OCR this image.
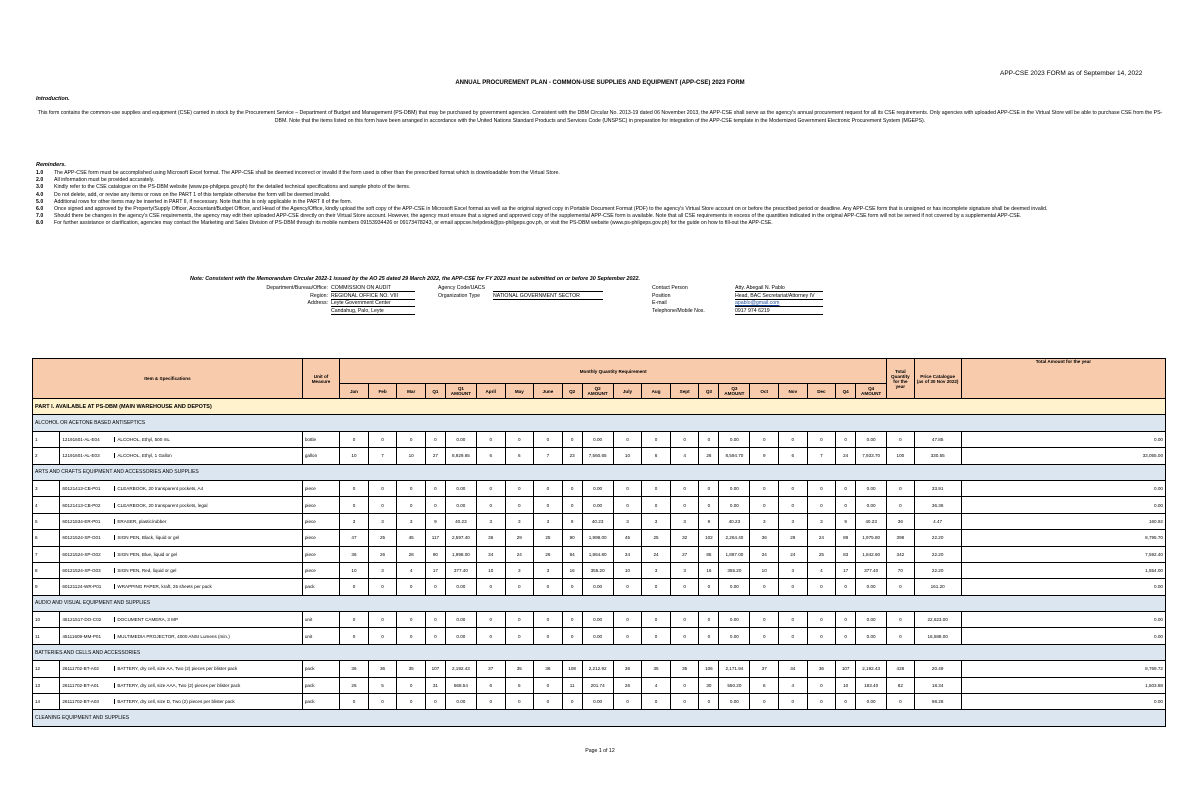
APP-CSE 2023 FORM as of September 14, 2022
ANNUAL PROCUREMENT PLAN - COMMON-USE SUPPLIES AND EQUIPMENT (APP-CSE) 2023 FORM
Introduction.
This form contains the common-use supplies and equipment (CSE) carried in stock by the Procurement Service – Department of Budget and Management (PS-DBM) that may be purchased by government agencies. Consistent with the DBM Circular No. 2013-19 dated 06 November 2013, the APP-CSE shall serve as the agency's annual procurement request for all its CSE requirements. Only agencies with uploaded APP-CSE in the Virtual Store will be able to purchase CSE from the PS-DBM. Note that the items listed on this form have been arranged in accordance with the United Nations Standard Products and Services Code (UNSPSC) in preparation for integration of the APP-CSE template in the Modernized Government Electronic Procurement System (MGEPS).
Reminders.
1.0	The APP-CSE form must be accomplished using Microsoft Excel format. The APP-CSE shall be deemed incorrect or invalid if the form used is other than the prescribed format which is downloadable from the Virtual Store.
2.0	All information must be provided accurately.
3.0	Kindly refer to the CSE catalogue on the PS-DBM website (www.ps-philgeps.gov.ph) for the detailed technical specifications and sample photo of the items.
4.0	Do not delete, add, or revise any items or rows on the PART 1 of this template otherwise the form will be deemed invalid.
5.0	Additional rows for other items may be inserted in PART II, if necessary. Note that this is only applicable in the PART II of the form.
6.0	Once signed and approved by the Property/Supply Officer, Accountant/Budget Officer, and Head of the Agency/Office, kindly upload the soft copy of the APP-CSE in Microsoft Excel format as well as the original signed copy in Portable Document Format (PDF) to the agency's Virtual Store account on or before the prescribed period or deadline. Any APP-CSE form that is unsigned or has incomplete signature shall be deemed invalid.
7.0	Should there be changes in the agency's CSE requirements, the agency may edit their uploaded APP-CSE directly on their Virtual Store account. However, the agency must ensure that a signed and approved copy of the supplemental APP-CSE form is available. Note that all CSE requirements in excess of the quantities indicated in the original APP-CSE form will not be served if not covered by a supplemental APP-CSE.
8.0	For further assistance or clarification, agencies may contact the Marketing and Sales Division of PS-DBM through its mobile numbers 09153934426 or 09173478243, or email appcse.helpdesk@ps-philgeps.gov.ph, or visit the PS-DBM website (www.ps-philgeps.gov.ph) for the guide on how to fill-out the APP-CSE.
Note: Consistent with the Memorandum Circular 2022-1 issued by the AO 25 dated 29 March 2022, the APP-CSE for FY 2023 must be submitted on or before 30 September 2022.
Department/Bureau/Office: COMMISSION ON AUDIT
Region: REGIONAL OFFICE NO. VIII
Address: Leyte Government Center
Candahug, Palo, Leyte
Agency Code/UACS
Organization Type NATIONAL GOVERNMENT SECTOR
Contact Person	Atty. Abegail N. Pablo
Position	Head, BAC Secretariat/Attorney IV
E-mail	apablo@gmail.com
Telephone/Mobile Nos.	0917 974 6219
Item & Specifications		Unit of Measure	Monthly Quantity Requirement																				Total Quantity for the year	Price Catalogue (as of 30 Nov 2022)	Total Amount for the year
			Jan	Feb	Mar	Q1	Q1 AMOUNT	April	May	June	Q2	Q2 AMOUNT	July	Aug	Sept	Q3	Q3 AMOUNT	Oct	Nov	Dec	Q4	Q4 AMOUNT			
PART I. AVAILABLE AT PS-DBM (MAIN WAREHOUSE AND DEPOTS)																									
ALCOHOL OR ACETONE BASED ANTISEPTICS																									
1	12191601-AL-E04 ALCOHOL, Ethyl, 500 mL	bottle	0	0	0	0	0.00	0	0	0	0	0.00	0	0	0	0	0.00	0	0	0	0	0.00	0	47.85	0.00
2	12191601-AL-E03 ALCOHOL, Ethyl, 1 Gallon	gallon	10	7	10	27	8,929.65	6	6	7	23	7,560.65	10	6	4	26	8,594.70	9	6	7	24	7,933.70	100	330.55	33,055.00
ARTS AND CRAFTS EQUIPMENT AND ACCESSORIES AND SUPPLIES																									
3	60121413-CB-P01 CLEARBOOK, 20 transparent pockets, A4	piece	0	0	0	0	0.00	0	0	0	0	0.00	0	0	0	0	0.00	0	0	0	0	0.00	0	33.91	0.00
4	60121413-CB-P02 CLEARBOOK, 20 transparent pockets, legal	piece	0	0	0	0	0.00	0	0	0	0	0.00	0	0	0	0	0.00	0	0	0	0	0.00	0	36.36	0.00
5	60121534-ER-P01 ERASER, plastic/rubber	piece	3	3	3	9	40.23	3	3	3	9	40.23	3	3	3	9	40.23	3	3	3	9	40.23	36	4.47	160.92
6	60121524-SP-G01 SIGN PEN, Black, liquid or gel	piece	47	25	45	117	2,597.40	36	29	25	90	1,998.00	45	25	32	102	2,264.40	36	29	24	89	1,975.80	398	22.20	8,795.70
7	60121524-SP-G02 SIGN PEN, Blue, liquid or gel	piece	36	26	28	90	1,998.00	34	24	26	84	1,864.80	34	24	27	85	1,887.00	34	24	25	83	1,842.60	342	22.20	7,592.40
8	60121524-SP-G03 SIGN PEN, Red, liquid or gel	piece	10	3	4	17	377.40	10	3	3	16	355.20	10	3	3	16	355.20	10	3	4	17	377.40	70	22.20	1,554.00
9	60121124-WR-P01 WRAPPING PAPER, kraft, 25 sheets per pack	pack	0	0	0	0	0.00	0	0	0	0	0.00	0	0	0	0	0.00	0	0	0	0	0.00	0	161.20	0.00
AUDIO AND VISUAL EQUIPMENT AND SUPPLIES																									
10	45121517-DO-C02 DOCUMENT CAMERA, 3 MP	unit	0	0	0	0	0.00	0	0	0	0	0.00	0	0	0	0	0.00	0	0	0	0	0.00	0	22,623.00	0.00
11	45111609-MM-P01 MULTIMEDIA PROJECTOR, 4000 ANSI Lumens (min.)	unit	0	0	0	0	0.00	0	0	0	0	0.00	0	0	0	0	0.00	0	0	0	0	0.00	0	16,588.00	0.00
BATTERIES AND CELLS AND ACCESSORIES																									
12	26111702-BT-A02 BATTERY, dry cell, size AA, Two (2) pieces per blister pack	pack	36	36	35	107	2,192.43	37	35	36	108	2,212.92	36	35	35	106	2,171.94	37	34	36	107	2,192.43	428	20.49	8,769.72
13	26111702-BT-A01 BATTERY, dry cell, size AAA, Two (2) pieces per blister pack	pack	26	5	0	31	568.54	6	5	0	11	201.74	26	4	0	30	550.20	6	4	0	10	183.40	82	18.34	1,503.88
14	26111702-BT-A03 BATTERY, dry cell, size D, Two (2) pieces per blister pack	pack	0	0	0	0	0.00	0	0	0	0	0.00	0	0	0	0	0.00	0	0	0	0	0.00	0	98.28	0.00
CLEANING EQUIPMENT AND SUPPLIES																									
Page 1 of 12
